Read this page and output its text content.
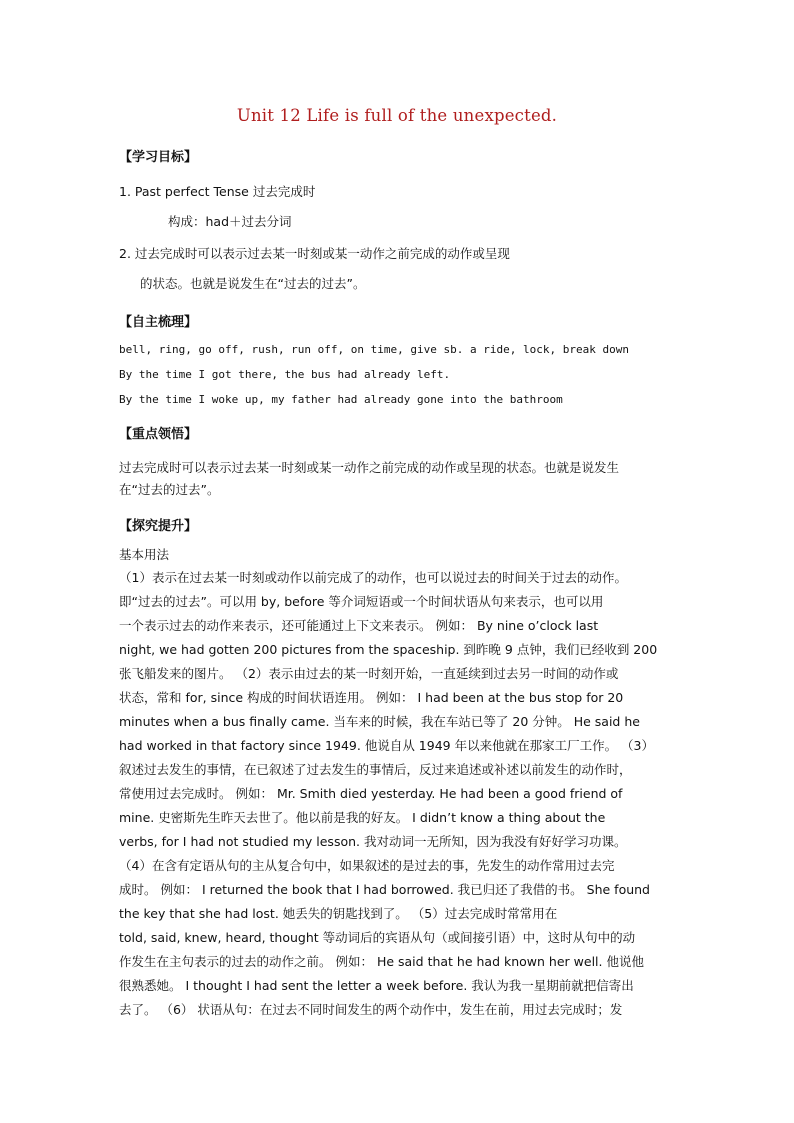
Unit 12 Life is full of the unexpected.
【学习目标】
1. Past perfect Tense 过去完成时
构成：had＋过去分词
2. 过去完成时可以表示过去某一时刻或某一动作之前完成的动作或呈现
的状态。也就是说发生在“过去的过去”。
【自主梳理】
bell, ring, go off, rush, run off, on time, give sb. a ride, lock, break down
By the time I got there, the bus had already left.
By the time I woke up, my father had already gone into the bathroom
【重点领悟】
过去完成时可以表示过去某一时刻或某一动作之前完成的动作或呈现的状态。也就是说发生
在“过去的过去”。
【探究提升】
基本用法
（1）表示在过去某一时刻或动作以前完成了的动作，也可以说过去的时间关于过去的动作。
即“过去的过去”。可以用 by, before 等介词短语或一个时间状语从句来表示，也可以用
一个表示过去的动作来表示，还可能通过上下文来表示。 例如： By nine o’clock last
night, we had gotten 200 pictures from the spaceship. 到昨晚 9 点钟，我们已经收到 200
张飞船发来的图片。 （2）表示由过去的某一时刻开始，一直延续到过去另一时间的动作或
状态，常和 for, since 构成的时间状语连用。 例如： I had been at the bus stop for 20
minutes when a bus finally came. 当车来的时候，我在车站已等了 20 分钟。 He said he
had worked in that factory since 1949. 他说自从 1949 年以来他就在那家工厂工作。 （3）
叙述过去发生的事情，在已叙述了过去发生的事情后，反过来追述或补述以前发生的动作时，
常使用过去完成时。 例如： Mr. Smith died yesterday. He had been a good friend of
mine. 史密斯先生昨天去世了。他以前是我的好友。 I didn’t know a thing about the
verbs, for I had not studied my lesson. 我对动词一无所知，因为我没有好好学习功课。
（4）在含有定语从句的主从复合句中，如果叙述的是过去的事，先发生的动作常用过去完
成时。 例如： I returned the book that I had borrowed. 我已归还了我借的书。 She found
the key that she had lost. 她丢失的钥匙找到了。 （5）过去完成时常常用在
told, said, knew, heard, thought 等动词后的宾语从句（或间接引语）中，这时从句中的动
作发生在主句表示的过去的动作之前。 例如： He said that he had known her well. 他说他
很熟悉她。 I thought I had sent the letter a week before. 我认为我一星期前就把信寄出
去了。 （6） 状语从句：在过去不同时间发生的两个动作中，发生在前，用过去完成时；发
